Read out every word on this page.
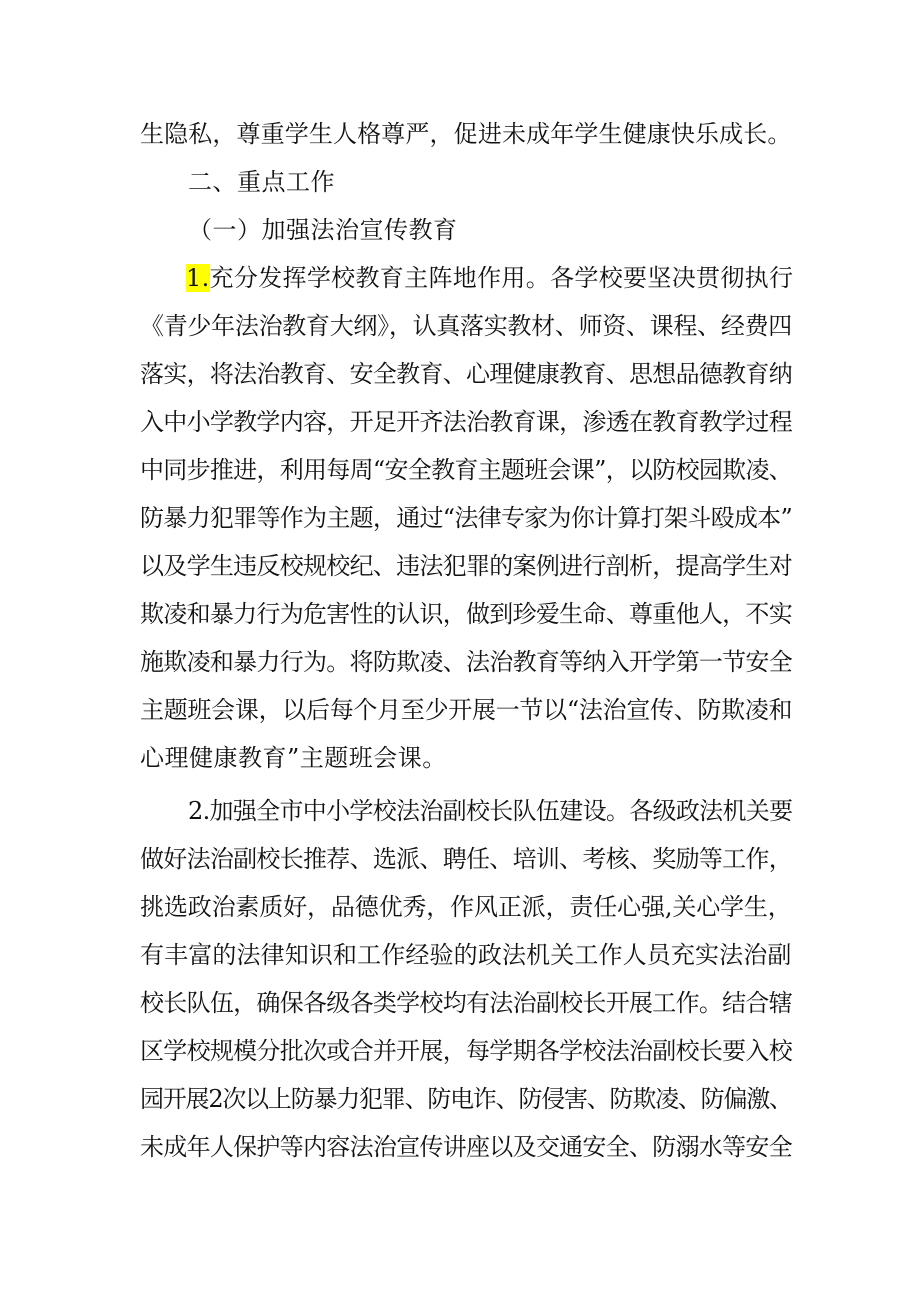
生隐私，尊重学生人格尊严，促进未成年学生健康快乐成长。
二、重点工作
（一）加强法治宣传教育
1.充分发挥学校教育主阵地作用。各学校要坚决贯彻执行
《青少年法治教育大纲》，认真落实教材、师资、课程、经费四
落实，将法治教育、安全教育、心理健康教育、思想品德教育纳
入中小学教学内容，开足开齐法治教育课，渗透在教育教学过程
中同步推进，利用每周“安全教育主题班会课”，以防校园欺凌、
防暴力犯罪等作为主题，通过“法律专家为你计算打架斗殴成本”
以及学生违反校规校纪、违法犯罪的案例进行剖析，提高学生对
欺凌和暴力行为危害性的认识，做到珍爱生命、尊重他人，不实
施欺凌和暴力行为。将防欺凌、法治教育等纳入开学第一节安全
主题班会课，以后每个月至少开展一节以“法治宣传、防欺凌和
心理健康教育”主题班会课。
2.加强全市中小学校法治副校长队伍建设。各级政法机关要
做好法治副校长推荐、选派、聘任、培训、考核、奖励等工作，
挑选政治素质好，品德优秀，作风正派，责任心强,关心学生，
有丰富的法律知识和工作经验的政法机关工作人员充实法治副
校长队伍，确保各级各类学校均有法治副校长开展工作。结合辖
区学校规模分批次或合并开展，每学期各学校法治副校长要入校
园开展2次以上防暴力犯罪、防电诈、防侵害、防欺凌、防偏激、
未成年人保护等内容法治宣传讲座以及交通安全、防溺水等安全
